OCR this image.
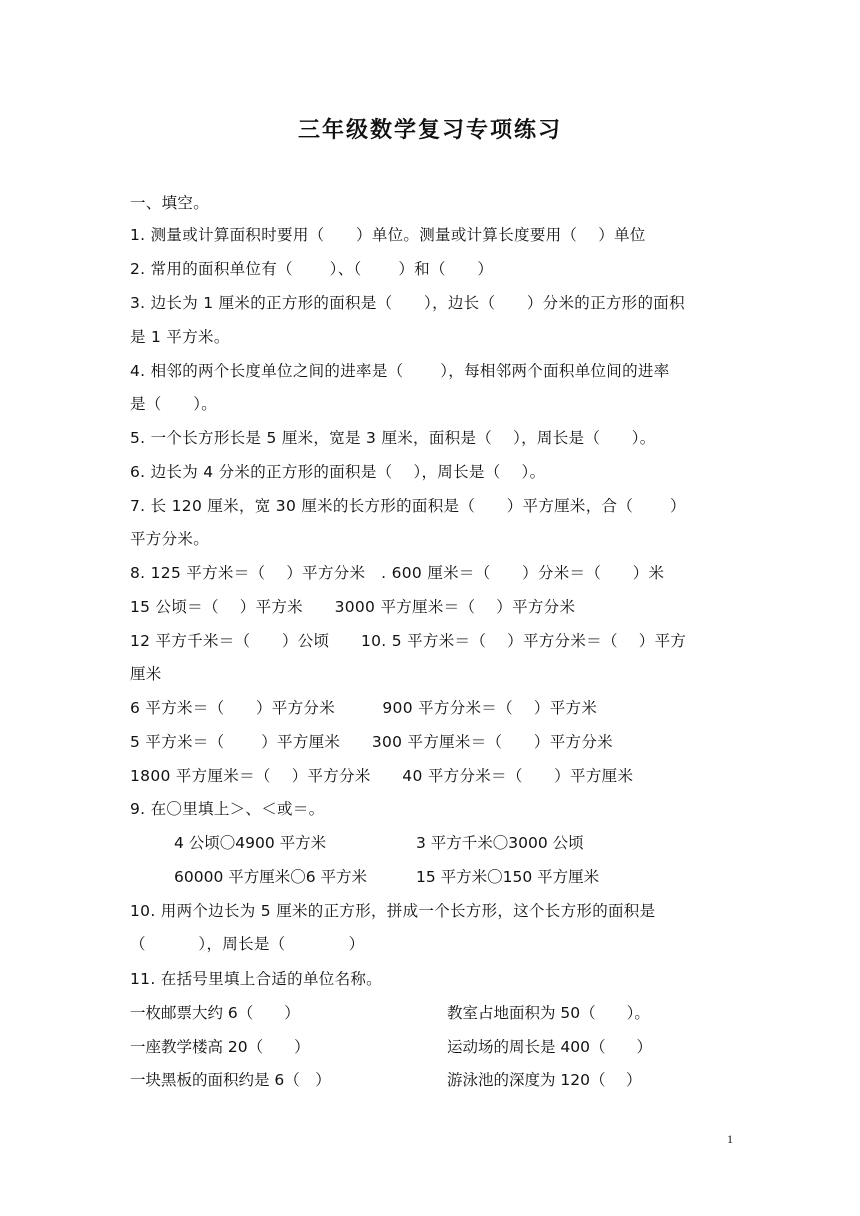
三年级数学复习专项练习
一、填空。
1. 测量或计算面积时要用（　　）单位。测量或计算长度要用（　 ）单位
2. 常用的面积单位有（　　 ）、（　　 ）和（　　）
3. 边长为 1 厘米的正方形的面积是（　　），边长（　　）分米的正方形的面积
是 1 平方米。
4. 相邻的两个长度单位之间的进率是（　　 ），每相邻两个面积单位间的进率
是（　　）。
5. 一个长方形长是 5 厘米，宽是 3 厘米，面积是（　 ），周长是（　　）。
6. 边长为 4 分米的正方形的面积是（　 ），周长是（　 ）。
7. 长 120 厘米，宽 30 厘米的长方形的面积是（　　）平方厘米，合（　　 ）
平方分米。
8. 125 平方米＝（　 ）平方分米　. 600 厘米＝（　　）分米＝（　　）米
15 公顷＝（　 ）平方米　　3000 平方厘米＝（　 ）平方分米
12 平方千米＝（　　）公顷　　10. 5 平方米＝（　 ）平方分米＝（　 ）平方
厘米
6 平方米＝（　　）平方分米　　　900 平方分米＝（　 ）平方米
5 平方米＝（　　 ）平方厘米　　300 平方厘米＝（　　）平方分米
1800 平方厘米＝（　 ）平方分米　　40 平方分米＝（　　）平方厘米
9. 在〇里填上＞、＜或＝。
4 公顷〇4900 平方米	3 平方千米〇3000 公顷
60000 平方厘米〇6 平方米	15 平方米〇150 平方厘米
10. 用两个边长为 5 厘米的正方形，拼成一个长方形，这个长方形的面积是
（　　　 ），周长是（　　　　）
11. 在括号里填上合适的单位名称。
一枚邮票大约 6（　　）	教室占地面积为 50（　　）。
一座教学楼高 20（　　）	运动场的周长是 400（　　）
一块黑板的面积约是 6（　）	游泳池的深度为 120（　 ）
1
